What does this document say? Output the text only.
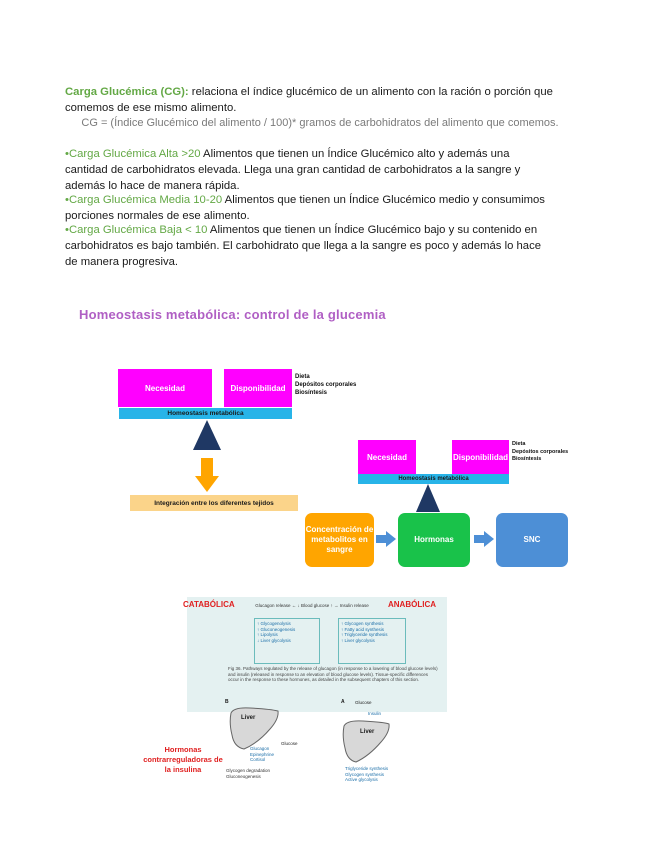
Carga Glucémica (CG): relaciona el índice glucémico de un alimento con la ración o porción que comemos de ese mismo alimento.
CG = (Índice Glucémico del alimento / 100)* gramos de carbohidratos del alimento que comemos.
•Carga Glucémica Alta >20 Alimentos que tienen un Índice Glucémico alto y además una cantidad de carbohidratos elevada. Llega una gran cantidad de carbohidratos a la sangre y además lo hace de manera rápida.
•Carga Glucémica Media 10-20 Alimentos que tienen un Índice Glucémico medio y consumimos porciones normales de ese alimento.
•Carga Glucémica Baja < 10 Alimentos que tienen un Índice Glucémico bajo y su contenido en carbohidratos es bajo también. El carbohidrato que llega a la sangre es poco y además lo hace de manera progresiva.
Homeostasis metabólica: control de la glucemia
Necesidad	Disponibilidad
Dieta
Depósitos corporales
Biosíntesis
Homeostasis metabólica
Integración entre los diferentes tejidos
Necesidad	Disponibilidad
Dieta
Depósitos corporales
Biosíntesis
Homeostasis metabólica
Concentración de metabolitos en sangre
Hormonas	SNC
CATABÓLICA	ANABÓLICA
Glucagon release ← ↓ Blood glucose ↑ → Insulin release
↑ Glycogenolysis
↑ Gluconeogenesis
↑ Lipolysis
↓ Liver glycolysis
↑ Glycogen synthesis
↑ Fatty acid synthesis
↑ Triglyceride synthesis
↑ Liver glycolysis
Fig 36. Pathways regulated by the release of glucagon (in response to a lowering of blood glucose levels) and insulin (released in response to an elevation of blood glucose levels). Tissue-specific differences occur in the response to these hormones, as detailed in the subsequent chapters of this section.
B
Liver
Glucose
Glucagon
Epinephrine
Cortisol
Glycogen degradation
Gluconeogenesis
A Glucose
Insulin
Liver
Triglyceride synthesis
Glycogen synthesis
Active glycolysis
Hormonas contrarreguladoras de la insulina
